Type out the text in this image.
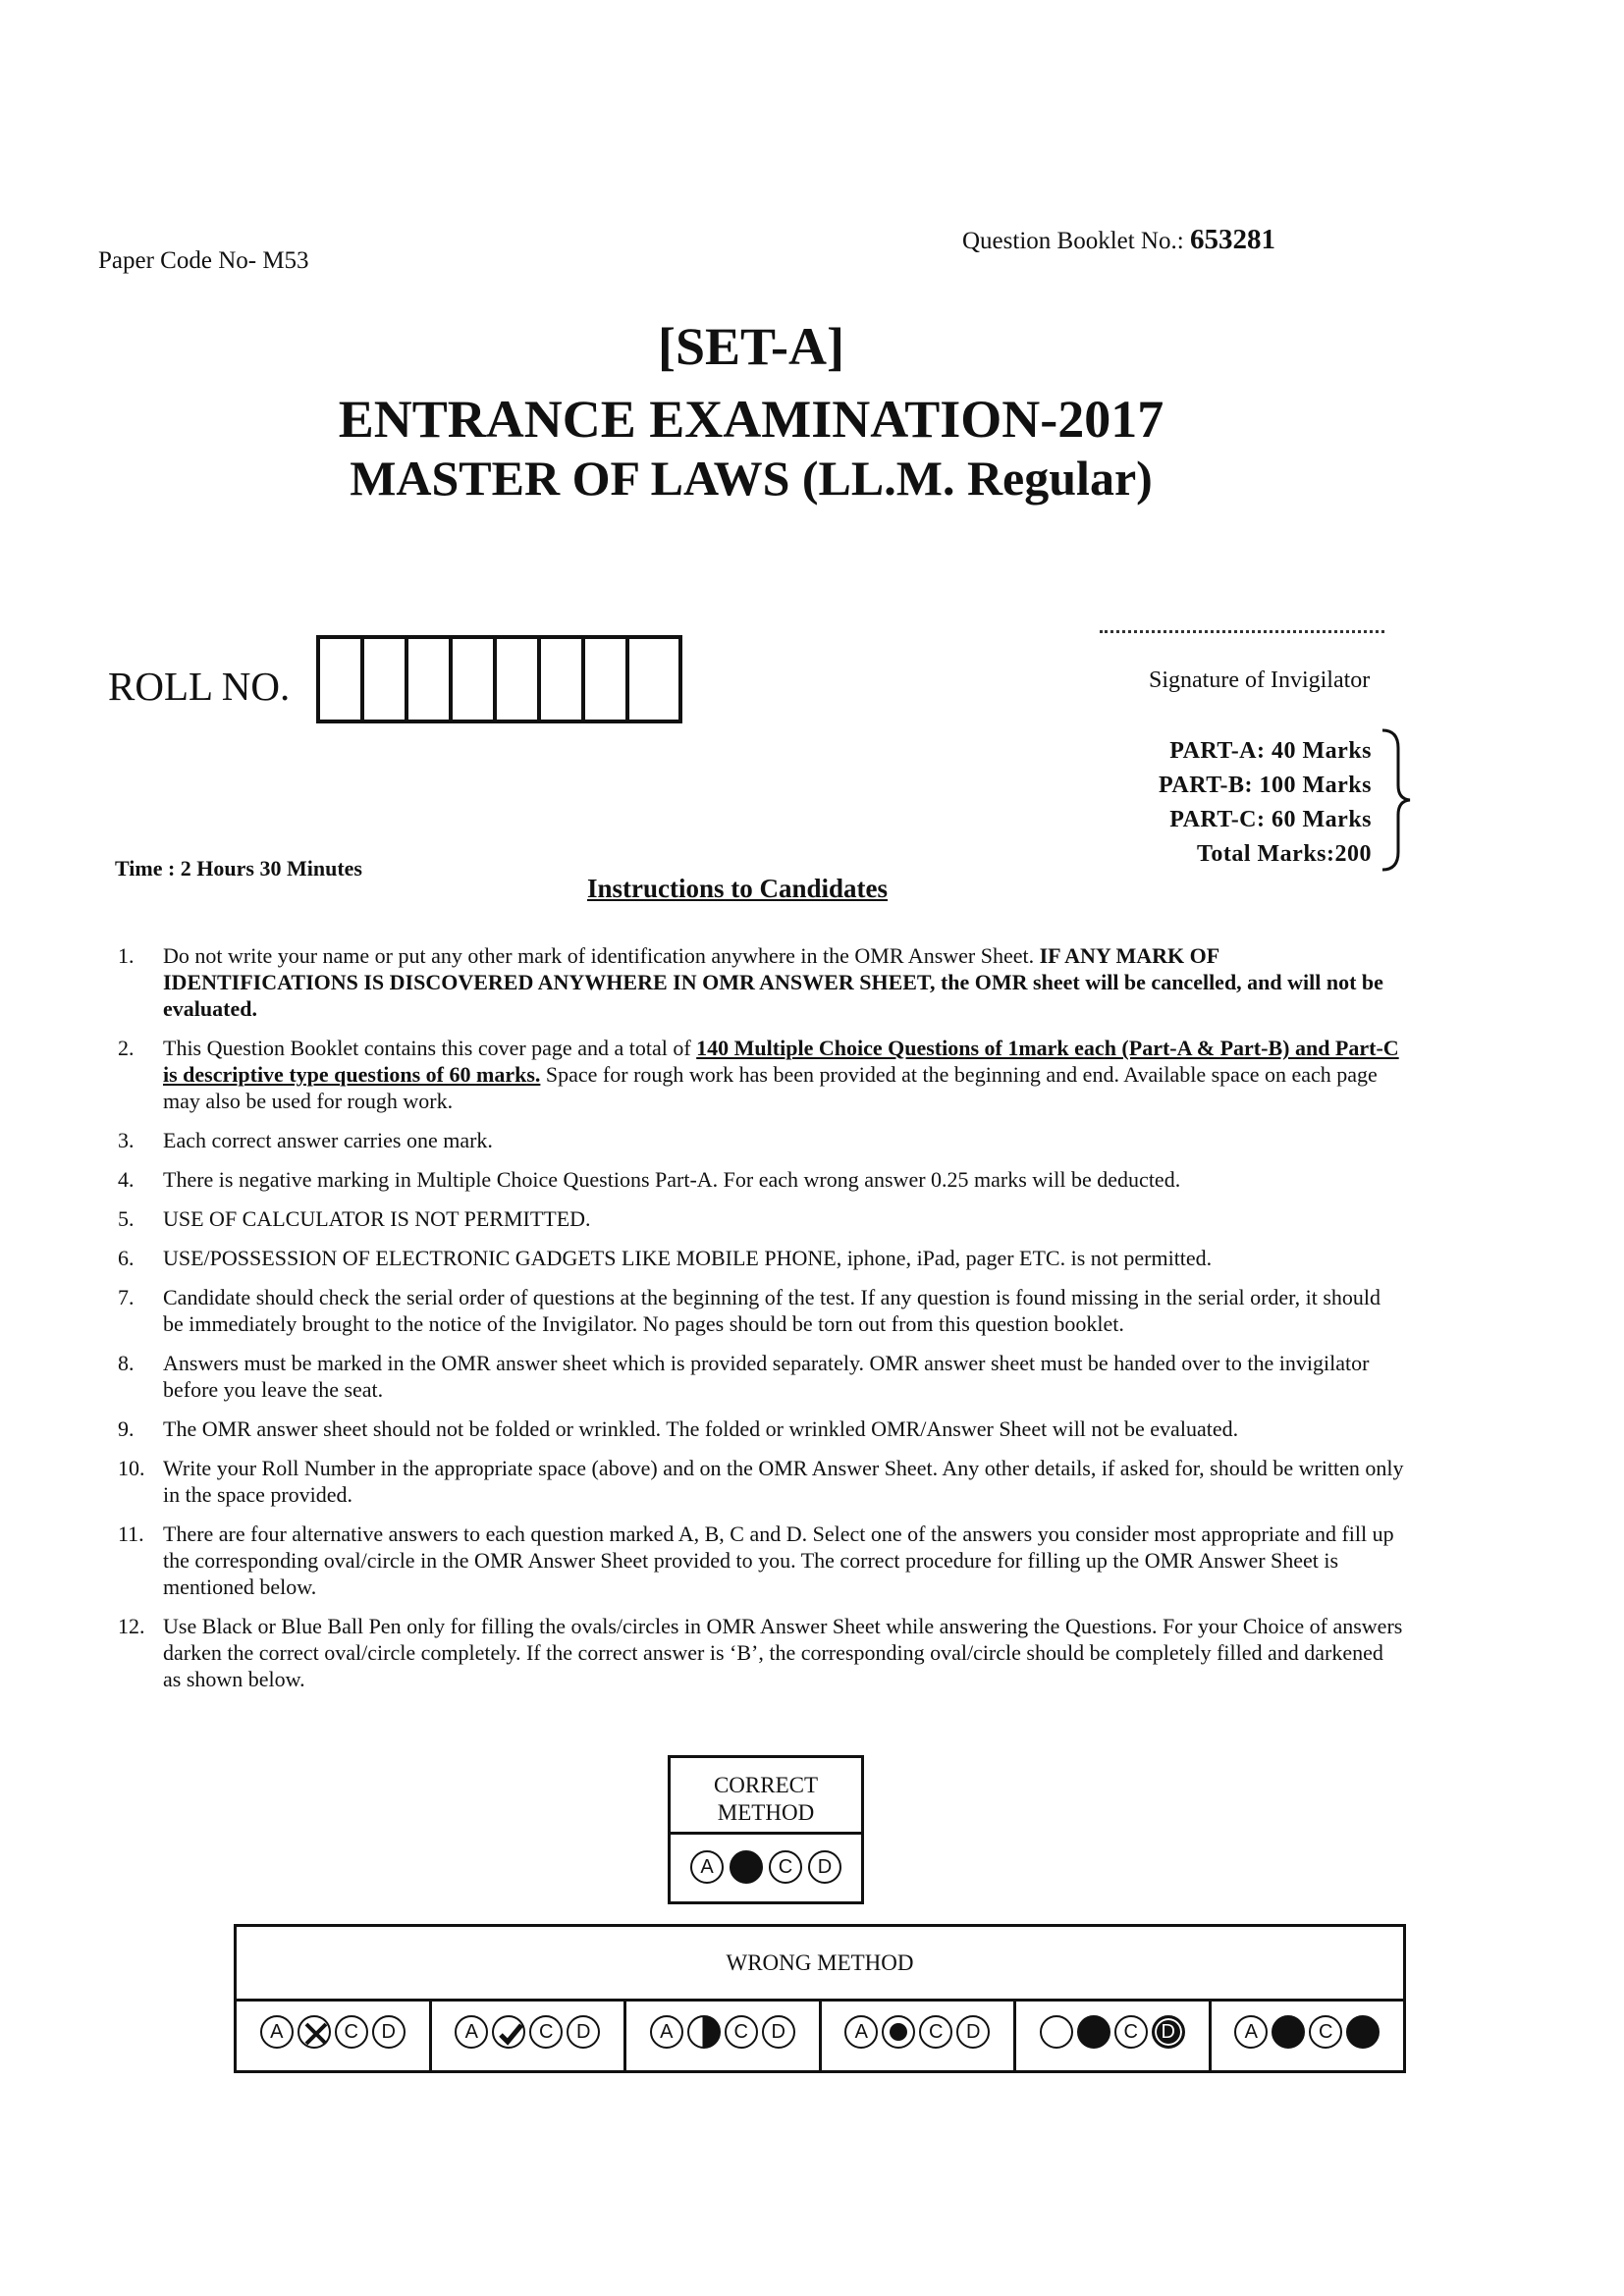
Paper Code No- M53
Question Booklet No.: 653281
[SET-A]
ENTRANCE EXAMINATION-2017
MASTER OF LAWS (LL.M. Regular)
ROLL NO.	Signature of Invigilator
PART-A: 40 Marks
PART-B: 100 Marks
PART-C: 60 Marks
Total Marks:200
Time : 2 Hours 30 Minutes
Instructions to Candidates
1.	Do not write your name or put any other mark of identification anywhere in the OMR Answer Sheet. IF ANY MARK OF IDENTIFICATIONS IS DISCOVERED ANYWHERE IN OMR ANSWER SHEET, the OMR sheet will be cancelled, and will not be evaluated.
2.	This Question Booklet contains this cover page and a total of 140 Multiple Choice Questions of 1mark each (Part-A & Part-B) and Part-C is descriptive type questions of 60 marks. Space for rough work has been provided at the beginning and end. Available space on each page may also be used for rough work.
3.	Each correct answer carries one mark.
4.	There is negative marking in Multiple Choice Questions Part-A. For each wrong answer 0.25 marks will be deducted.
5.	USE OF CALCULATOR IS NOT PERMITTED.
6.	USE/POSSESSION OF ELECTRONIC GADGETS LIKE MOBILE PHONE, iphone, iPad, pager ETC. is not permitted.
7.	Candidate should check the serial order of questions at the beginning of the test. If any question is found missing in the serial order, it should be immediately brought to the notice of the Invigilator. No pages should be torn out from this question booklet.
8.	Answers must be marked in the OMR answer sheet which is provided separately. OMR answer sheet must be handed over to the invigilator before you leave the seat.
9.	The OMR answer sheet should not be folded or wrinkled. The folded or wrinkled OMR/Answer Sheet will not be evaluated.
10. Write your Roll Number in the appropriate space (above) and on the OMR Answer Sheet. Any other details, if asked for, should be written only in the space provided.
11. There are four alternative answers to each question marked A, B, C and D. Select one of the answers you consider most appropriate and fill up the corresponding oval/circle in the OMR Answer Sheet provided to you. The correct procedure for filling up the OMR Answer Sheet is mentioned below.
12. Use Black or Blue Ball Pen only for filling the ovals/circles in OMR Answer Sheet while answering the Questions. For your Choice of answers darken the correct oval/circle completely. If the correct answer is ‘B’, the corresponding oval/circle should be completely filled and darkened as shown below.
CORRECT
METHOD
A	C	D
WRONG METHOD
A	C	D	A	C	D	A	C	D	A	C	D	C	D	A	C
